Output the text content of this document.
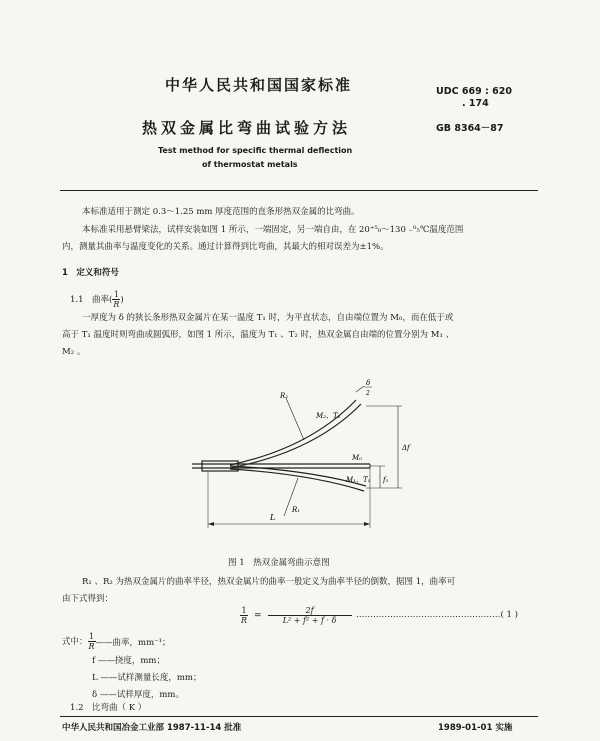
中华人民共和国国家标准	UDC 669 : 620
. 174
热双金属比弯曲试验方法	GB 8364－87
Test method for specific thermal deflection
of thermostat metals
本标准适用于测定 0.3～1.25 mm 厚度范围的直条形热双金属的比弯曲。
本标准采用悬臂梁法，试样安装如图 1 所示，一端固定，另一端自由，在 20⁺⁵₀～130 ₋⁰₅℃温度范围
内，测量其曲率与温度变化的关系。通过计算得到比弯曲，其最大的相对误差为±1%。
1　定义和符号
1.1　曲率( $\frac{1}{R}$ )
一厚度为 δ 的狭长条形热双金属片在某一温度 T₁ 时，为平直状态，自由端位置为 M₀，而在低于或
高于 T₁ 温度时则弯曲成圆弧形，如图 1 所示，温度为 T₁ 、T₂ 时，热双金属自由端的位置分别为 M₁ 、
M₂ 。
R₂
M₂、T₂
δ
2
M₀
f₁
Δf
M₁、T₁
R₁
L
图 1　热双金属弯曲示意图
R₁ 、R₂ 为热双金属片的曲率半径，热双金属片的曲率一般定义为曲率半径的倒数，据图 1，曲率可
由下式得到：
$\frac{1}{R} = \frac{2f}{\text{L² + f² + f · δ}}$ ……………………………………………( 1 )
式中： $\frac{1}{R}$ ——曲率，mm⁻¹；
f ——挠度，mm；
L ——试样测量长度，mm；
δ ——试样厚度，mm。
1.2　比弯曲（ K ）
中华人民共和国冶金工业部 1987-11-14 批准	1989-01-01 实施
